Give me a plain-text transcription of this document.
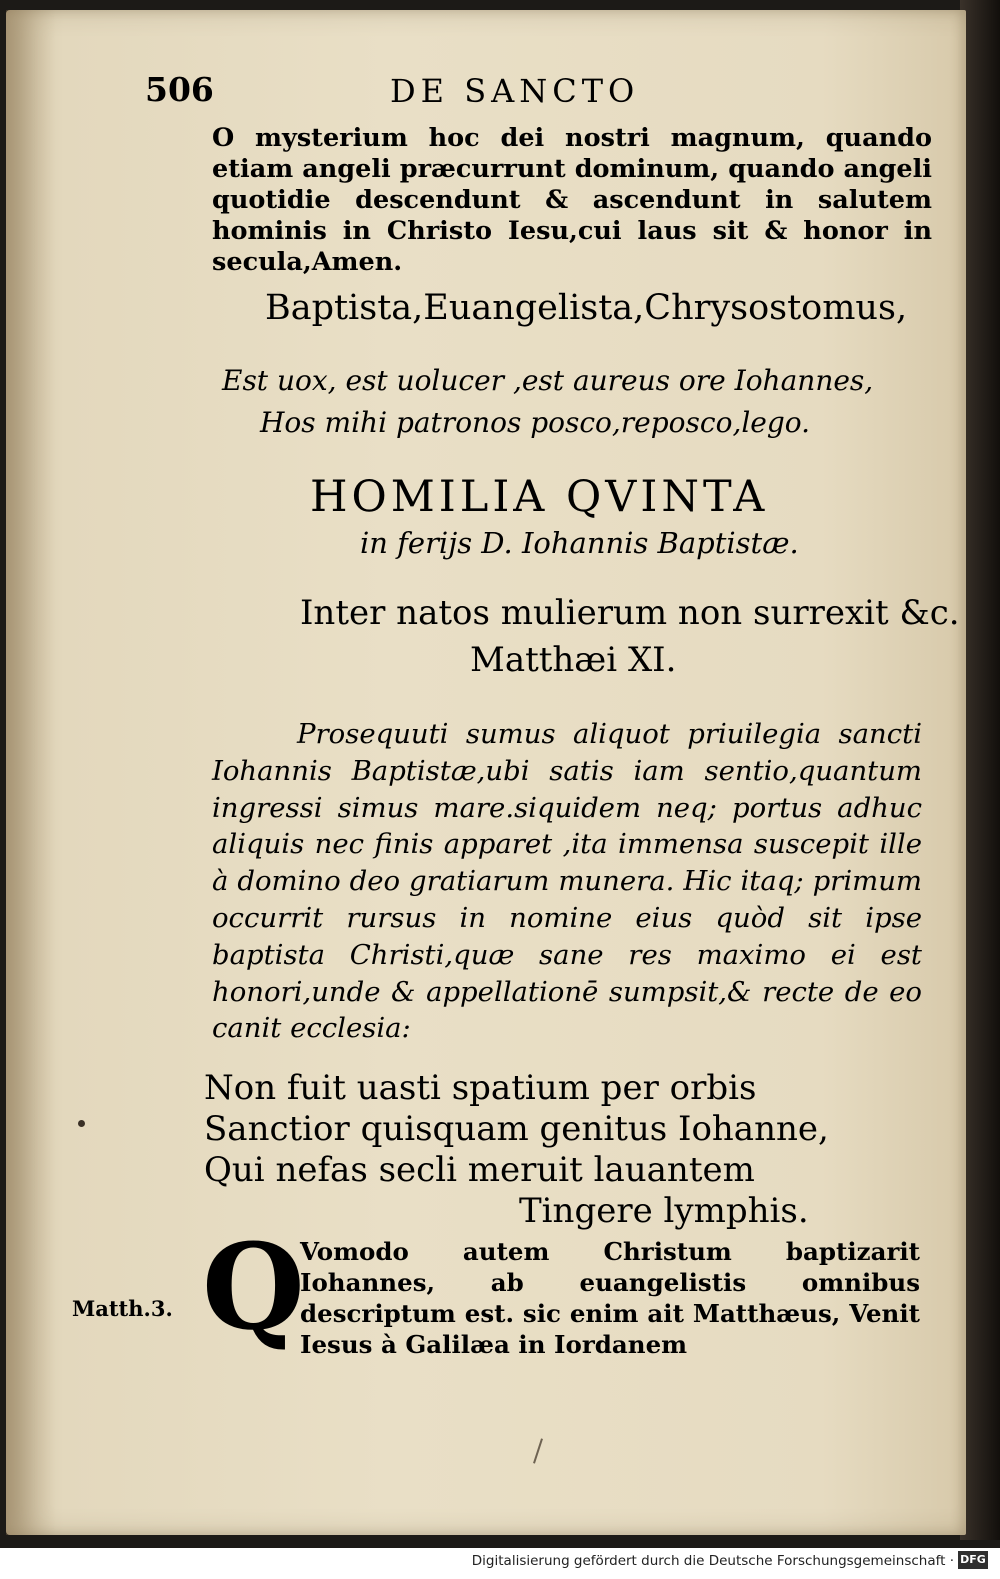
506	DE SANCTO

O mysterium hoc dei nostri magnum, quando etiam angeli præcurrunt dominum, quando angeli quotidie descendunt & ascendunt in salutem hominis in Christo Iesu,cui laus sit & honor in secula,Amen.

Baptista,Euangelista,Chrysostomus,
Est uox, est uolucer ,est aureus ore Iohannes,
Hos mihi patronos posco,reposco,lego.
HOMILIA QVINTA
in ferijs D. Iohannis Baptistæ.
Inter natos mulierum non surrexit &c.
Matthæi XI.

Prosequuti sumus aliquot priuilegia sancti Iohannis Baptistæ,ubi satis iam sentio,quantum ingressi simus mare.siquidem neq; portus adhuc aliquis nec finis apparet ,ita immensa suscepit ille à domino deo gratiarum munera. Hic itaq; primum occurrit rursus in nomine eius quòd sit ipse baptista Christi,quæ sane res maximo ei est honori,unde & appellationē sumpsit,& recte de eo canit ecclesia:

Non fuit uasti spatium per orbis
Sanctior quisquam genitus Iohanne,
Qui nefas secli meruit lauantem
Tingere lymphis.
Q

Vomodo autem Christum baptizarit Iohannes, ab euangelistis omnibus descriptum est. sic enim ait Matthæus, Venit Iesus à Galilæa in Iordanem

Matth.3.
Digitalisierung gefördert durch die Deutsche Forschungsgemeinschaft · DFG
